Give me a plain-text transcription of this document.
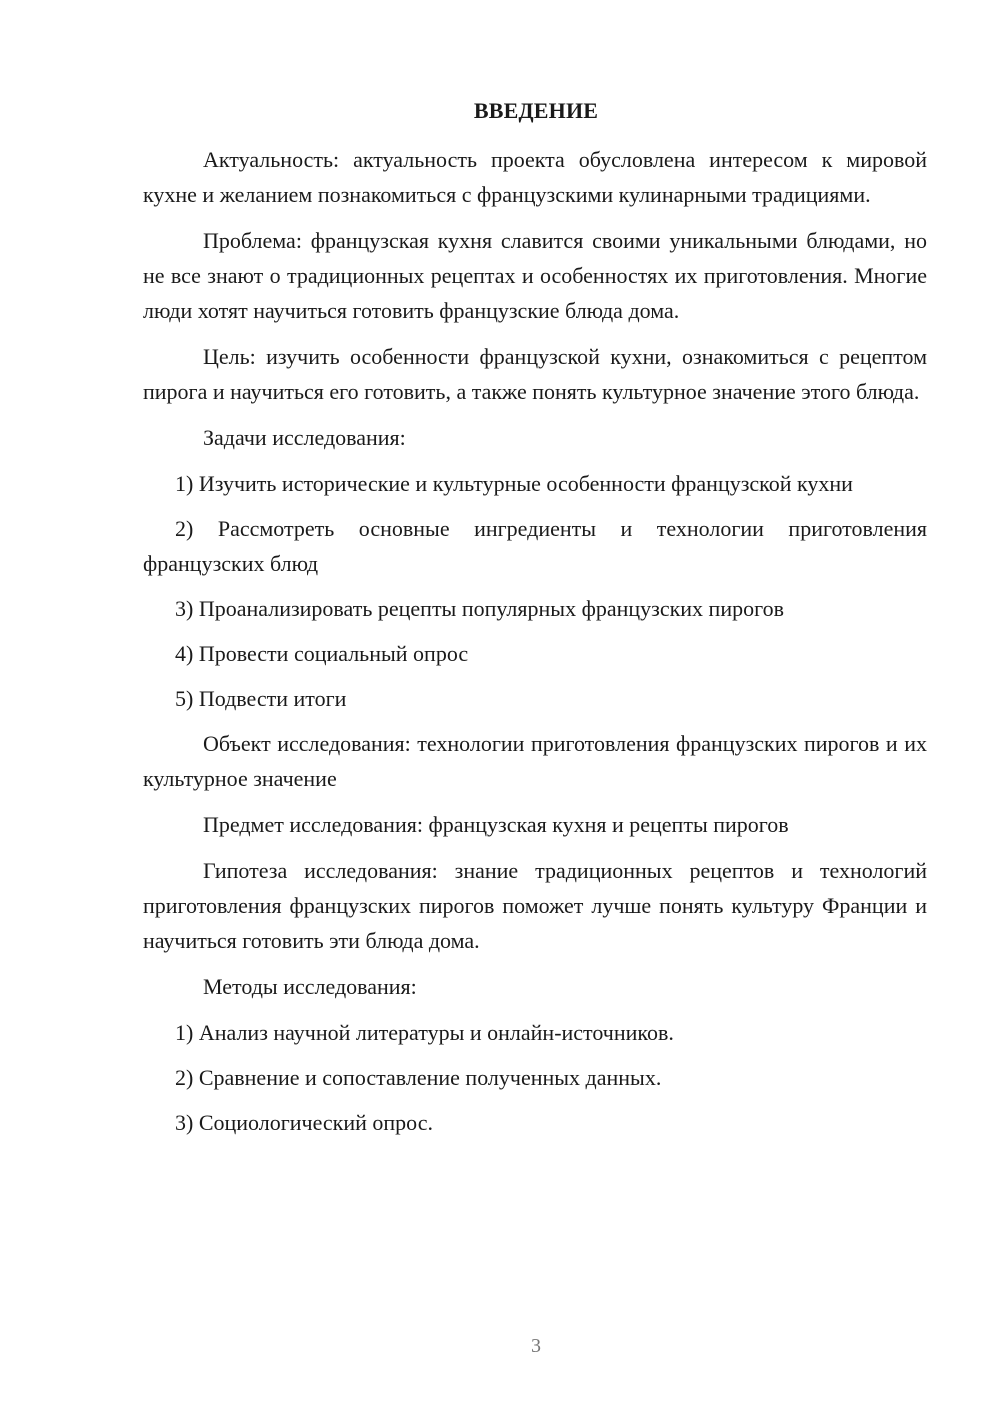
ВВЕДЕНИЕ

Актуальность: актуальность проекта обусловлена интересом к мировой кухне и желанием познакомиться с французскими кулинарными традициями.

Проблема: французская кухня славится своими уникальными блюдами, но не все знают о традиционных рецептах и особенностях их приготовления. Многие люди хотят научиться готовить французские блюда дома.

Цель: изучить особенности французской кухни, ознакомиться с рецептом пирога и научиться его готовить, а также понять культурное значение этого блюда.

Задачи исследования:

1) Изучить исторические и культурные особенности французской кухни

2) Рассмотреть основные ингредиенты и технологии приготовления французских блюд

3) Проанализировать рецепты популярных французских пирогов

4) Провести социальный опрос

5) Подвести итоги

Объект исследования: технологии приготовления французских пирогов и их культурное значение

Предмет исследования: французская кухня и рецепты пирогов

Гипотеза исследования: знание традиционных рецептов и технологий приготовления французских пирогов поможет лучше понять культуру Франции и научиться готовить эти блюда дома.

Методы исследования:

1) Анализ научной литературы и онлайн-источников.

2) Сравнение и сопоставление полученных данных.

3) Социологический опрос.

3
